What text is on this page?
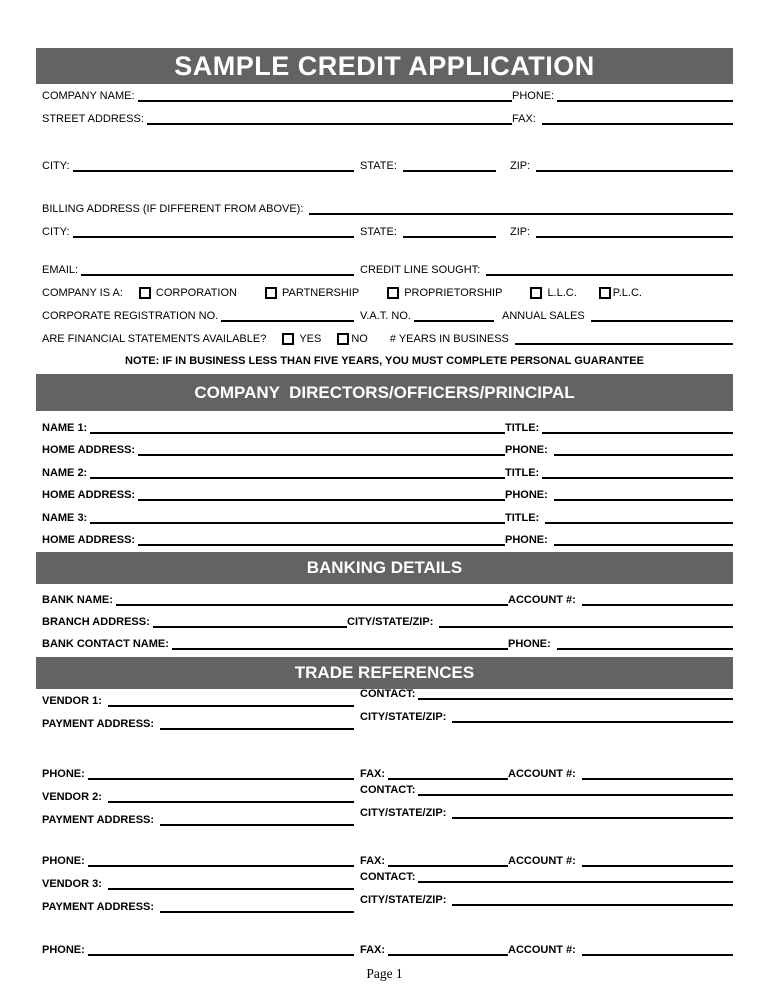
SAMPLE CREDIT APPLICATION
COMPANY NAME:	PHONE:
STREET ADDRESS:	FAX:
CITY:	STATE:	ZIP:
BILLING ADDRESS (IF DIFFERENT FROM ABOVE):
CITY:	STATE:	ZIP:
EMAIL:	CREDIT LINE SOUGHT:
COMPANY IS A:	CORPORATION	PARTNERSHIP	PROPRIETORSHIP	L.L.C.	P.L.C.
CORPORATE REGISTRATION NO.	V.A.T. NO.	ANNUAL SALES
ARE FINANCIAL STATEMENTS AVAILABLE?	YES	NO # YEARS IN BUSINESS
NOTE: IF IN BUSINESS LESS THAN FIVE YEARS, YOU MUST COMPLETE PERSONAL GUARANTEE
COMPANY  DIRECTORS/OFFICERS/PRINCIPAL
NAME 1:	TITLE:
HOME ADDRESS:	PHONE:
NAME 2:	TITLE:
HOME ADDRESS:	PHONE:
NAME 3:	TITLE:
HOME ADDRESS:	PHONE:
BANKING DETAILS
BANK NAME:	ACCOUNT #:
BRANCH ADDRESS:	CITY/STATE/ZIP:
BANK CONTACT NAME:	PHONE:
TRADE REFERENCES
VENDOR 1:
CONTACT:
PAYMENT ADDRESS:
CITY/STATE/ZIP:
PHONE:	FAX:	ACCOUNT #:
VENDOR 2:
CONTACT:
PAYMENT ADDRESS:
CITY/STATE/ZIP:
PHONE:	FAX:	ACCOUNT #:
VENDOR 3:
CONTACT:
PAYMENT ADDRESS:
CITY/STATE/ZIP:
PHONE:	FAX:	ACCOUNT #:
Page 1
